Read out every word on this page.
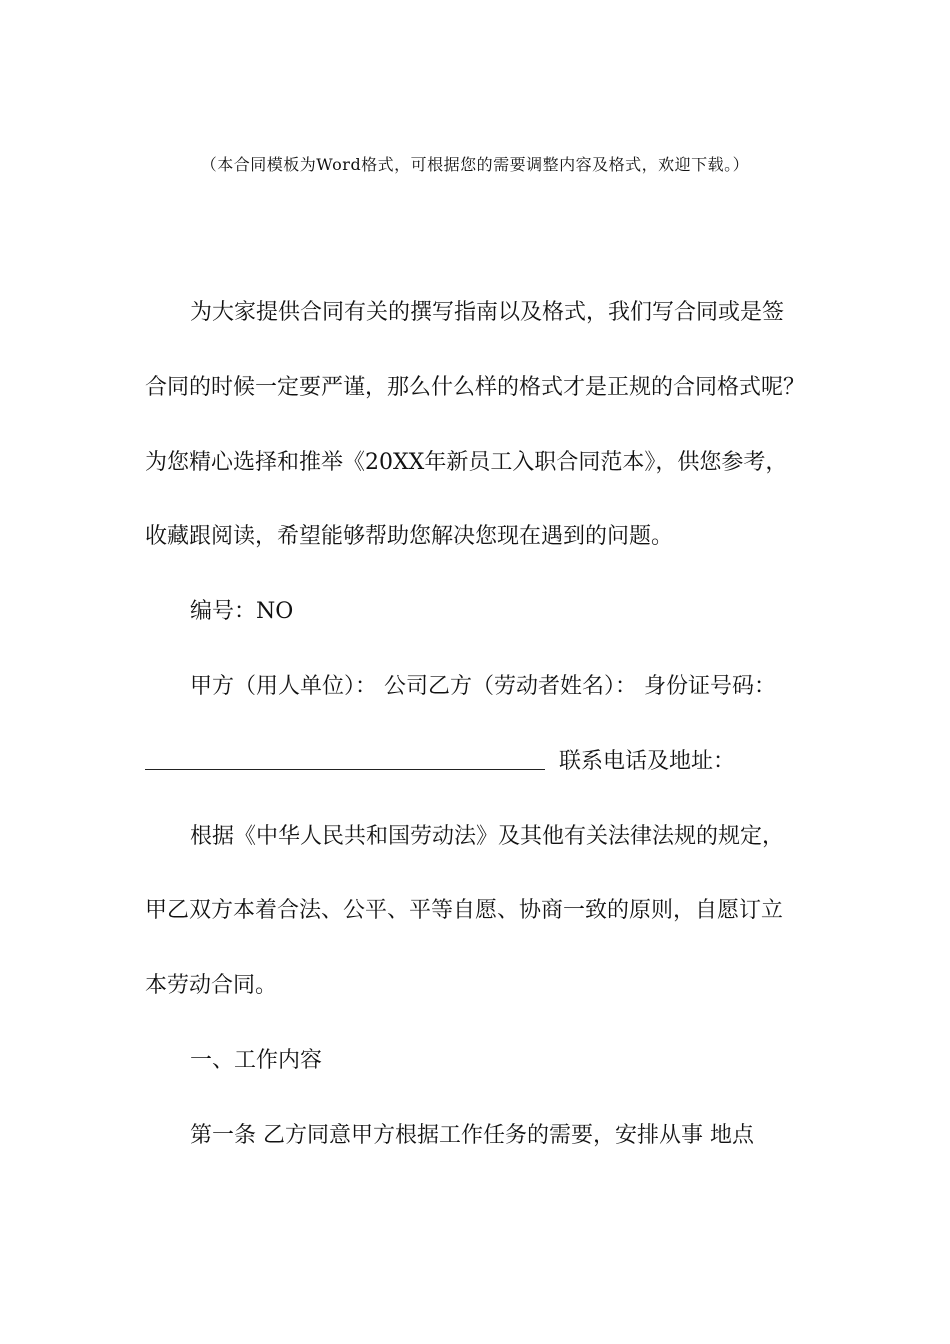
（本合同模板为Word格式，可根据您的需要调整内容及格式，欢迎下载。）
为大家提供合同有关的撰写指南以及格式，我们写合同或是签
合同的时候一定要严谨，那么什么样的格式才是正规的合同格式呢？
为您精心选择和推举《20XX年新员工入职合同范本》，供您参考，
收藏跟阅读，希望能够帮助您解决您现在遇到的问题。
编号：NO
甲方（用人单位）： 公司乙方（劳动者姓名）： 身份证号码：
联系电话及地址：
根据《中华人民共和国劳动法》及其他有关法律法规的规定，
甲乙双方本着合法、公平、平等自愿、协商一致的原则，自愿订立
本劳动合同。
一、工作内容
第一条 乙方同意甲方根据工作任务的需要，安排从事 地点
